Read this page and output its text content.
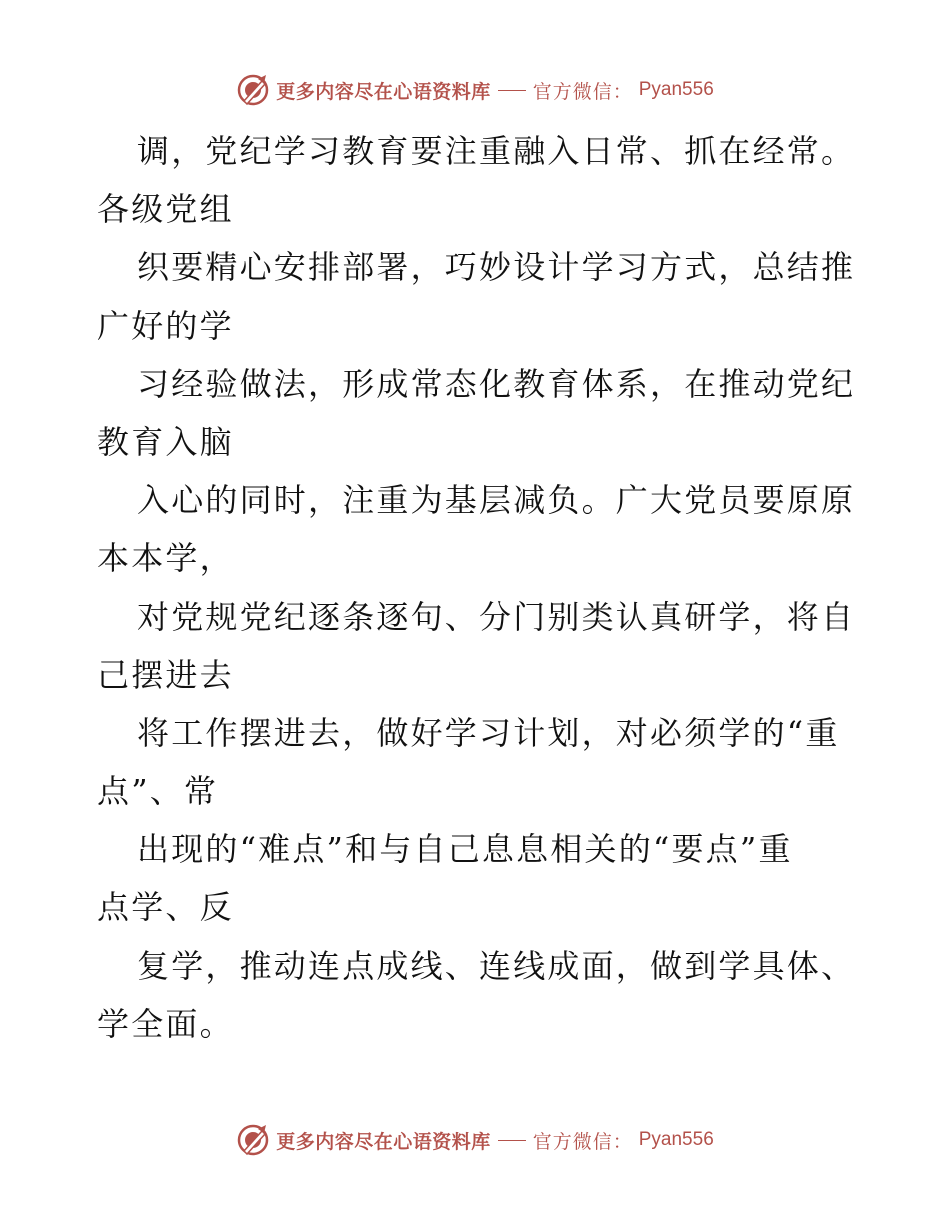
更多内容尽在心语资料库 官方微信： Pyan556
调，党纪学习教育要注重融入日常、抓在经常。
各级党组
织要精心安排部署，巧妙设计学习方式，总结推
广好的学
习经验做法，形成常态化教育体系，在推动党纪
教育入脑
入心的同时，注重为基层减负。广大党员要原原
本本学，
对党规党纪逐条逐句、分门别类认真研学，将自
己摆进去
将工作摆进去，做好学习计划，对必须学的“重
点”、常
出现的“难点”和与自己息息相关的“要点”重
点学、反
复学，推动连点成线、连线成面，做到学具体、
学全面。
更多内容尽在心语资料库 官方微信： Pyan556
